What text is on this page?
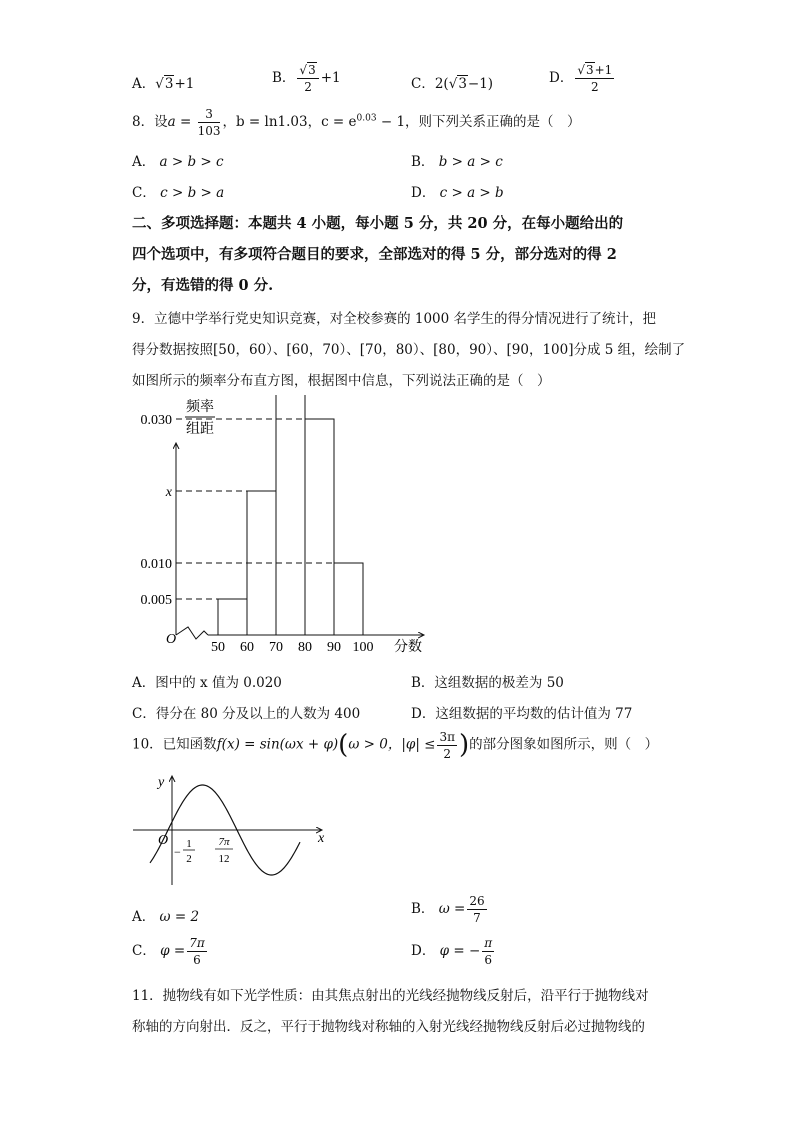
A．√3+1	B． $\frac{√3}{2} +1$	C．2(√3−1)	D． $\frac{√3+1}{2}$
8．设$a = \frac{3}{103}$ ，b = ln1.03，$c = e^{0.03} - 1$，则下列关系正确的是（　）
A． a > b > c	B． b > a > c
C． c > b > a	D． c > a > b
二、多项选择题：本题共 4 小题，每小题 5 分，共 20 分，在每小题给出的
四个选项中，有多项符合题目的要求，全部选对的得 5 分，部分选对的得 2
分，有选错的得 0 分.
9．立德中学举行党史知识竞赛，对全校参赛的 1000 名学生的得分情况进行了统计，把
得分数据按照[50，60）、[60，70）、[70，80）、[80，90）、[90，100]分成 5 组，绘制了
如图所示的频率分布直方图，根据图中信息，下列说法正确的是（　）
频率
组距
O
0.030
x
0.010
0.005
50 60 70 80 90 100 分数
A．图中的 x 值为 0.020	B．这组数据的极差为 50
C．得分在 80 分及以上的人数为 400	D．这组数据的平均数的估计值为 77
10．已知函数f(x) = sin(ωx + φ)(ω > 0，$|\varphi| \le \frac{3\pi}{2}$ )的部分图象如图所示，则（　）
y
x
O
−
1
2
7π
12
A． ω = 2	B． $\omega = \frac{26}{7}$
C． $\varphi = \frac{7\pi}{6}$	D． φ = − $\frac{\pi}{6}$
11．抛物线有如下光学性质：由其焦点射出的光线经抛物线反射后，沿平行于抛物线对
称轴的方向射出．反之，平行于抛物线对称轴的入射光线经抛物线反射后必过抛物线的
